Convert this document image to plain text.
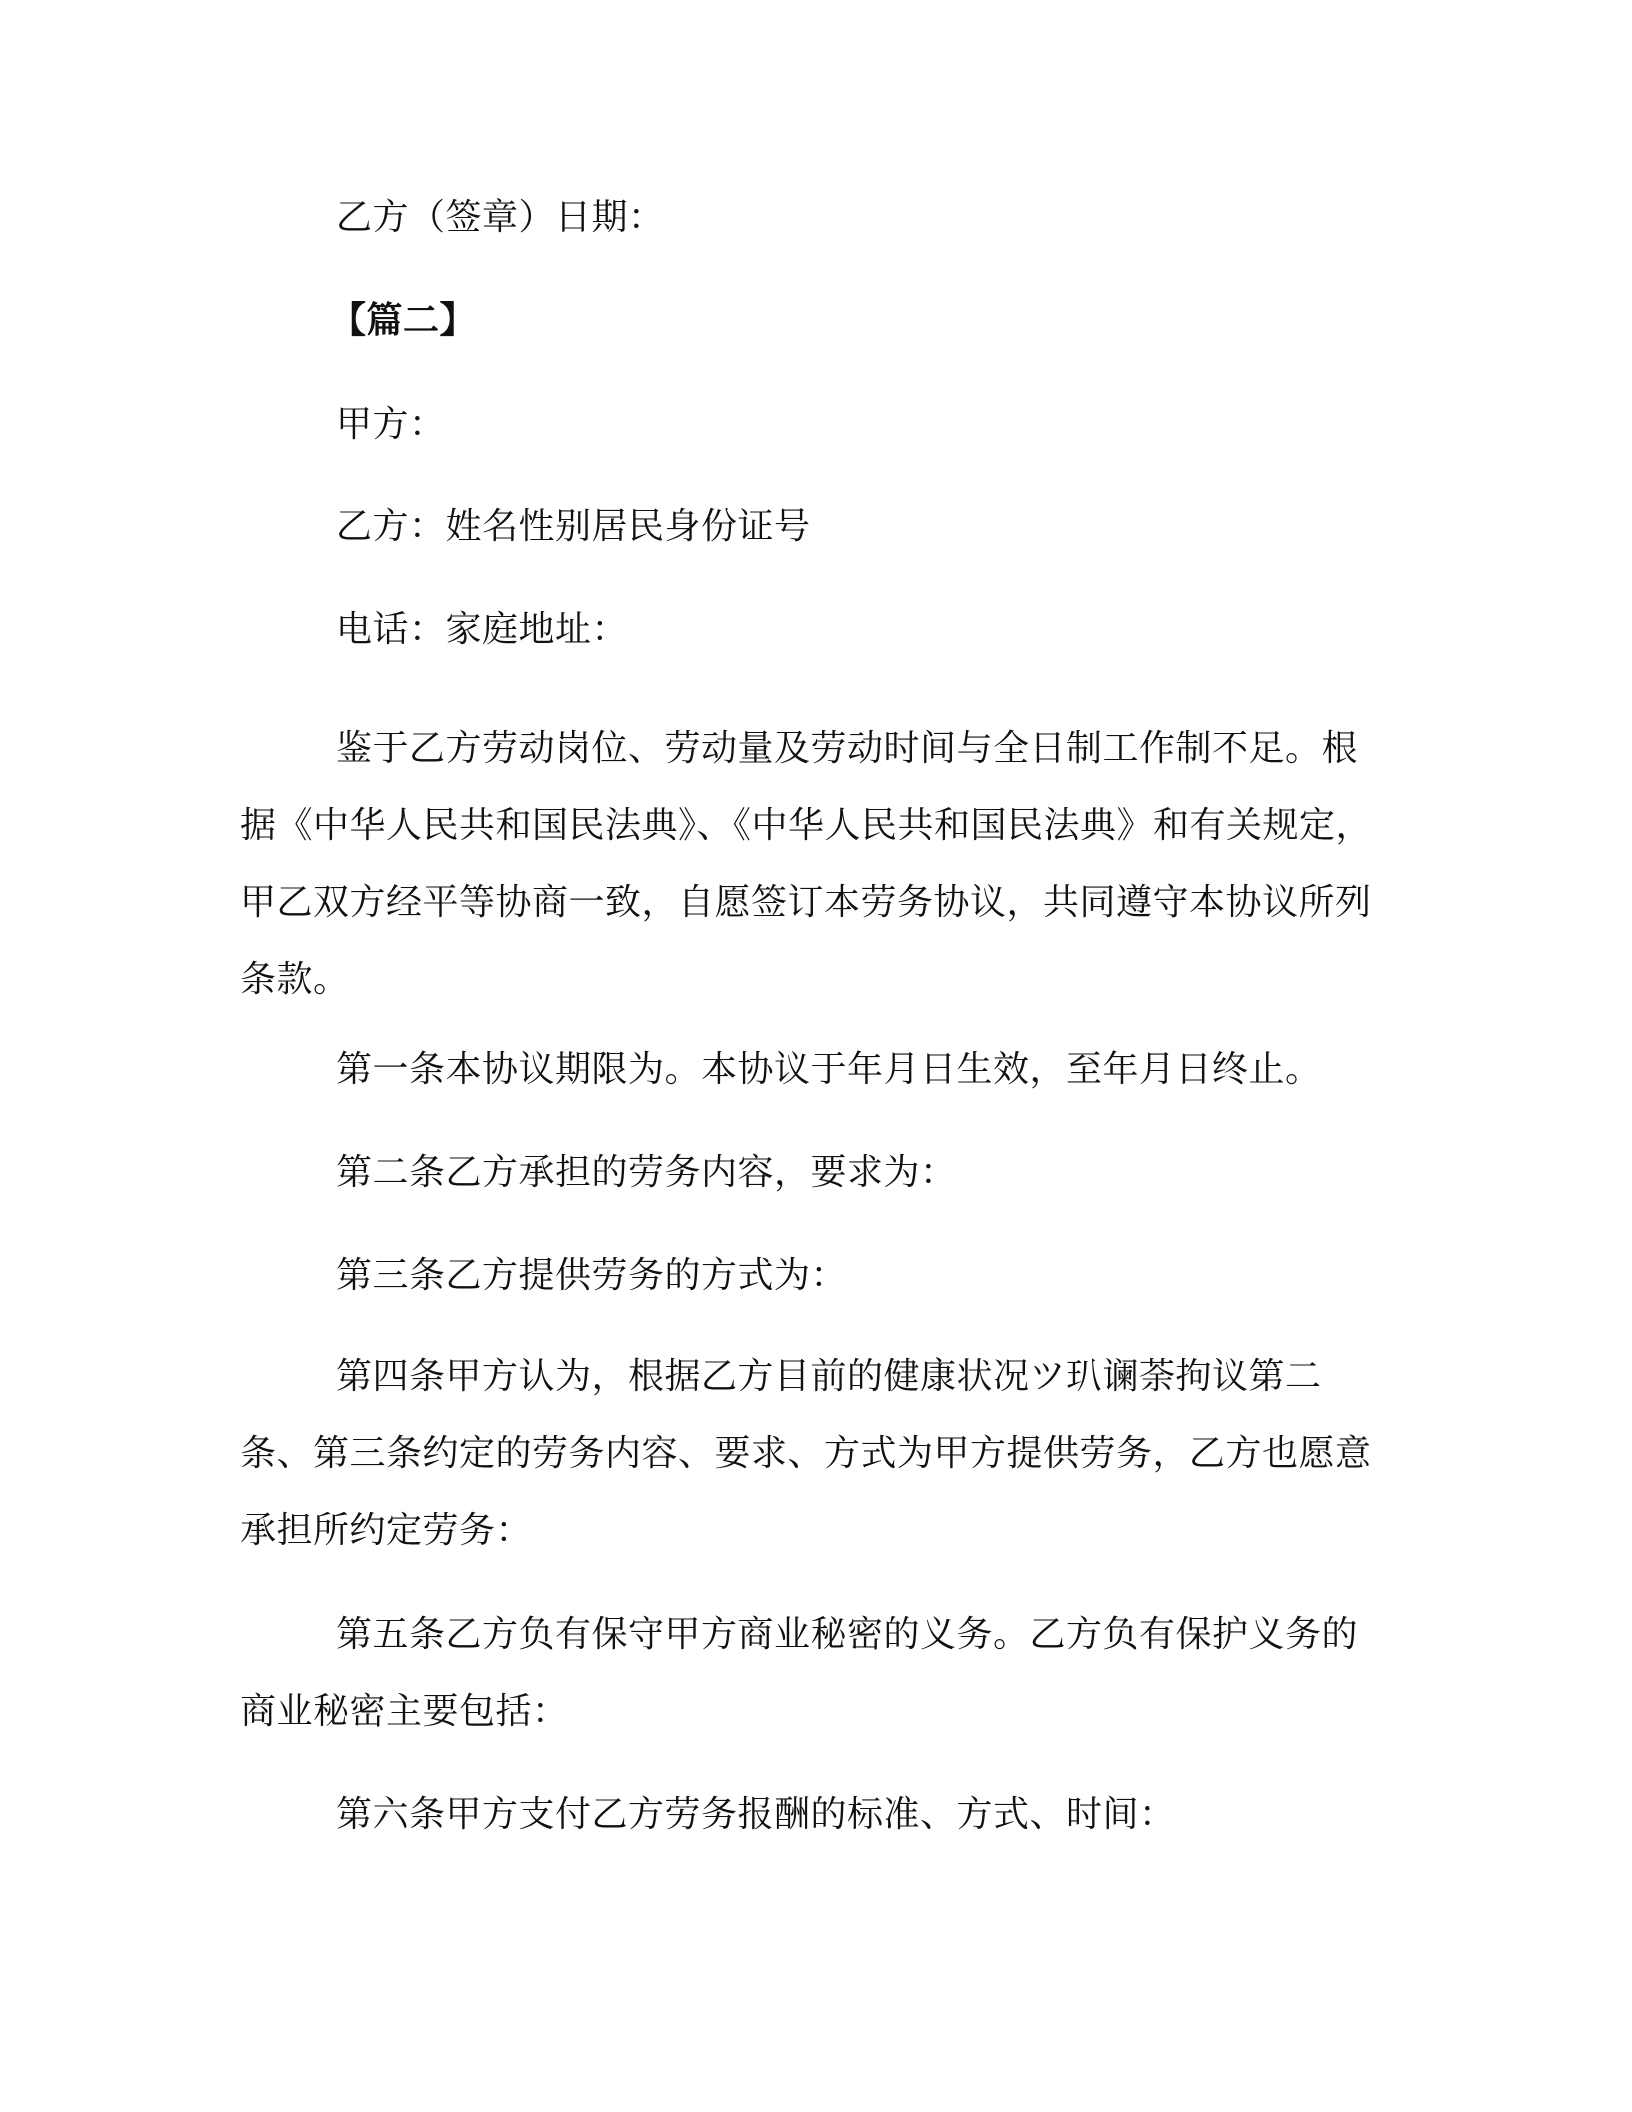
乙方（签章）日期：
【篇二】
甲方：
乙方：姓名性别居民身份证号
电话：家庭地址：

鉴于乙方劳动岗位、劳动量及劳动时间与全日制工作制不足。根据《中华人民共和国民法典》、《中华人民共和国民法典》和有关规定，甲乙双方经平等协商一致，自愿签订本劳务协议，共同遵守本协议所列条款。

第一条本协议期限为。本协议于年月日生效，至年月日终止。

第二条乙方承担的劳务内容，要求为：

第三条乙方提供劳务的方式为：

第四条甲方认为，根据乙方目前的健康状况ツ玐谰荼拘议第二条、第三条约定的劳务内容、要求、方式为甲方提供劳务，乙方也愿意承担所约定劳务：

第五条乙方负有保守甲方商业秘密的义务。乙方负有保护义务的商业秘密主要包括：

第六条甲方支付乙方劳务报酬的标准、方式、时间：
